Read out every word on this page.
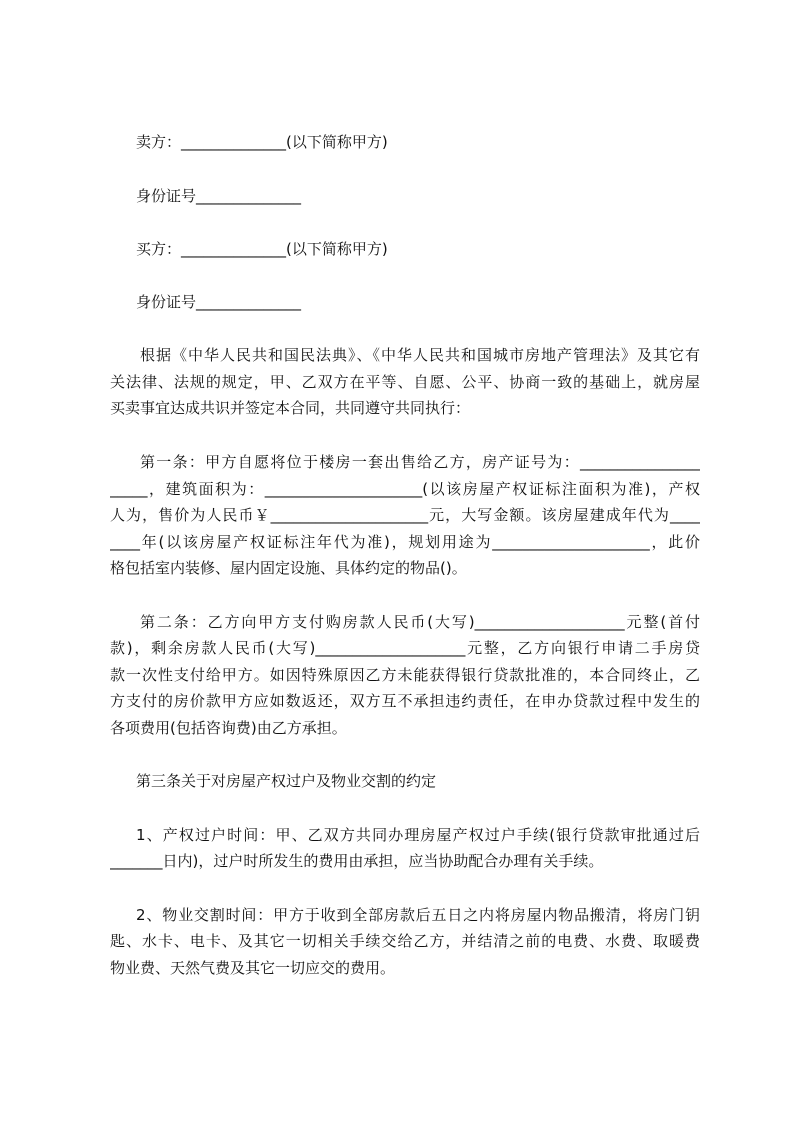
卖方：______________(以下简称甲方)
身份证号______________
买方：______________(以下简称甲方)
身份证号______________
根据《中华人民共和国民法典》、《中华人民共和国城市房地产管理法》及其它有
关法律、法规的规定，甲、乙双方在平等、自愿、公平、协商一致的基础上，就房屋
买卖事宜达成共识并签定本合同，共同遵守共同执行：
第一条：甲方自愿将位于楼房一套出售给乙方，房产证号为：________________
_____，建筑面积为：_____________________(以该房屋产权证标注面积为准)，产权
人为，售价为人民币￥_____________________元，大写金额。该房屋建成年代为____
____年(以该房屋产权证标注年代为准)，规划用途为_____________________，此价
格包括室内装修、屋内固定设施、具体约定的物品()。
第二条：乙方向甲方支付购房款人民币(大写)____________________元整(首付
款)，剩余房款人民币(大写)____________________元整，乙方向银行申请二手房贷
款一次性支付给甲方。如因特殊原因乙方未能获得银行贷款批准的，本合同终止，乙
方支付的房价款甲方应如数返还，双方互不承担违约责任，在申办贷款过程中发生的
各项费用(包括咨询费)由乙方承担。
第三条关于对房屋产权过户及物业交割的约定
1、产权过户时间：甲、乙双方共同办理房屋产权过户手续(银行贷款审批通过后
_______日内)，过户时所发生的费用由承担，应当协助配合办理有关手续。
2、物业交割时间：甲方于收到全部房款后五日之内将房屋内物品搬清，将房门钥
匙、水卡、电卡、及其它一切相关手续交给乙方，并结清之前的电费、水费、取暖费
物业费、天然气费及其它一切应交的费用。
